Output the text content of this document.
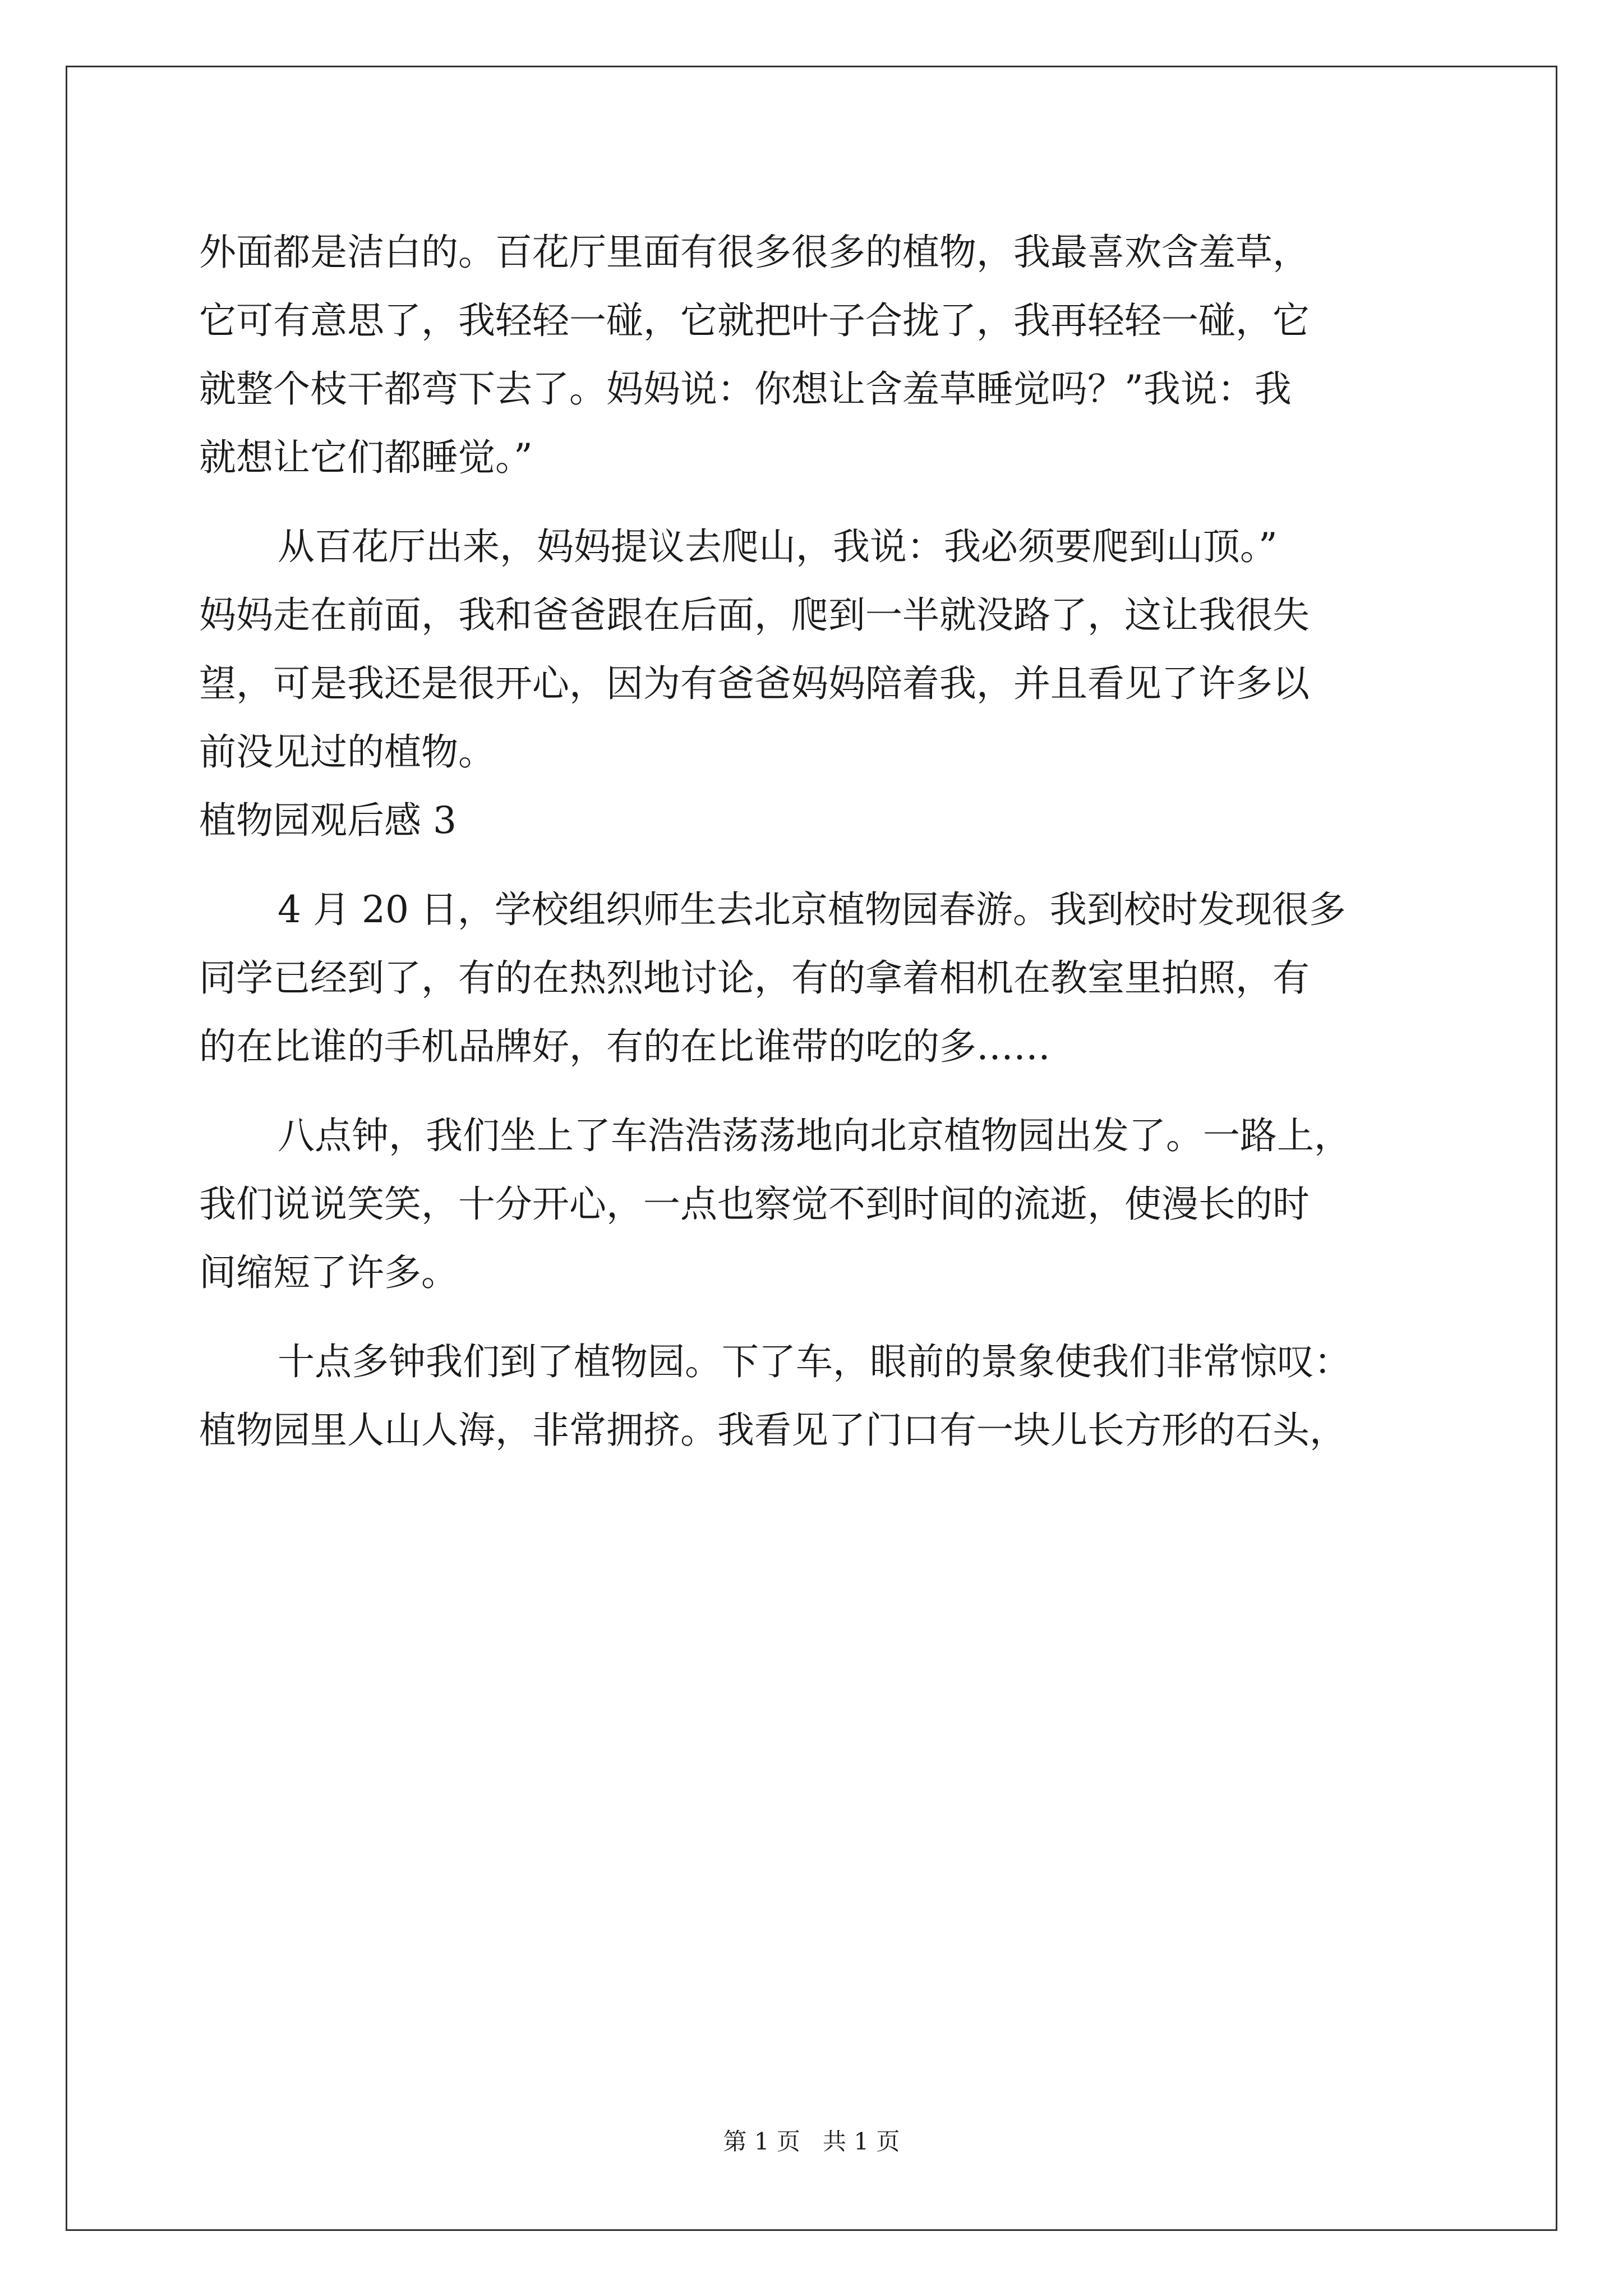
外面都是洁白的。百花厅里面有很多很多的植物，我最喜欢含羞草，
它可有意思了，我轻轻一碰，它就把叶子合拢了，我再轻轻一碰，它
就整个枝干都弯下去了。妈妈说：你想让含羞草睡觉吗？”我说：我
就想让它们都睡觉。”
从百花厅出来，妈妈提议去爬山，我说：我必须要爬到山顶。”
妈妈走在前面，我和爸爸跟在后面，爬到一半就没路了，这让我很失
望，可是我还是很开心，因为有爸爸妈妈陪着我，并且看见了许多以
前没见过的植物。
植物园观后感 3
4 月 20 日，学校组织师生去北京植物园春游。我到校时发现很多
同学已经到了，有的在热烈地讨论，有的拿着相机在教室里拍照，有
的在比谁的手机品牌好，有的在比谁带的吃的多……
八点钟，我们坐上了车浩浩荡荡地向北京植物园出发了。一路上，
我们说说笑笑，十分开心，一点也察觉不到时间的流逝，使漫长的时
间缩短了许多。
十点多钟我们到了植物园。下了车，眼前的景象使我们非常惊叹：
植物园里人山人海，非常拥挤。我看见了门口有一块儿长方形的石头，
第 1 页   共 1 页
